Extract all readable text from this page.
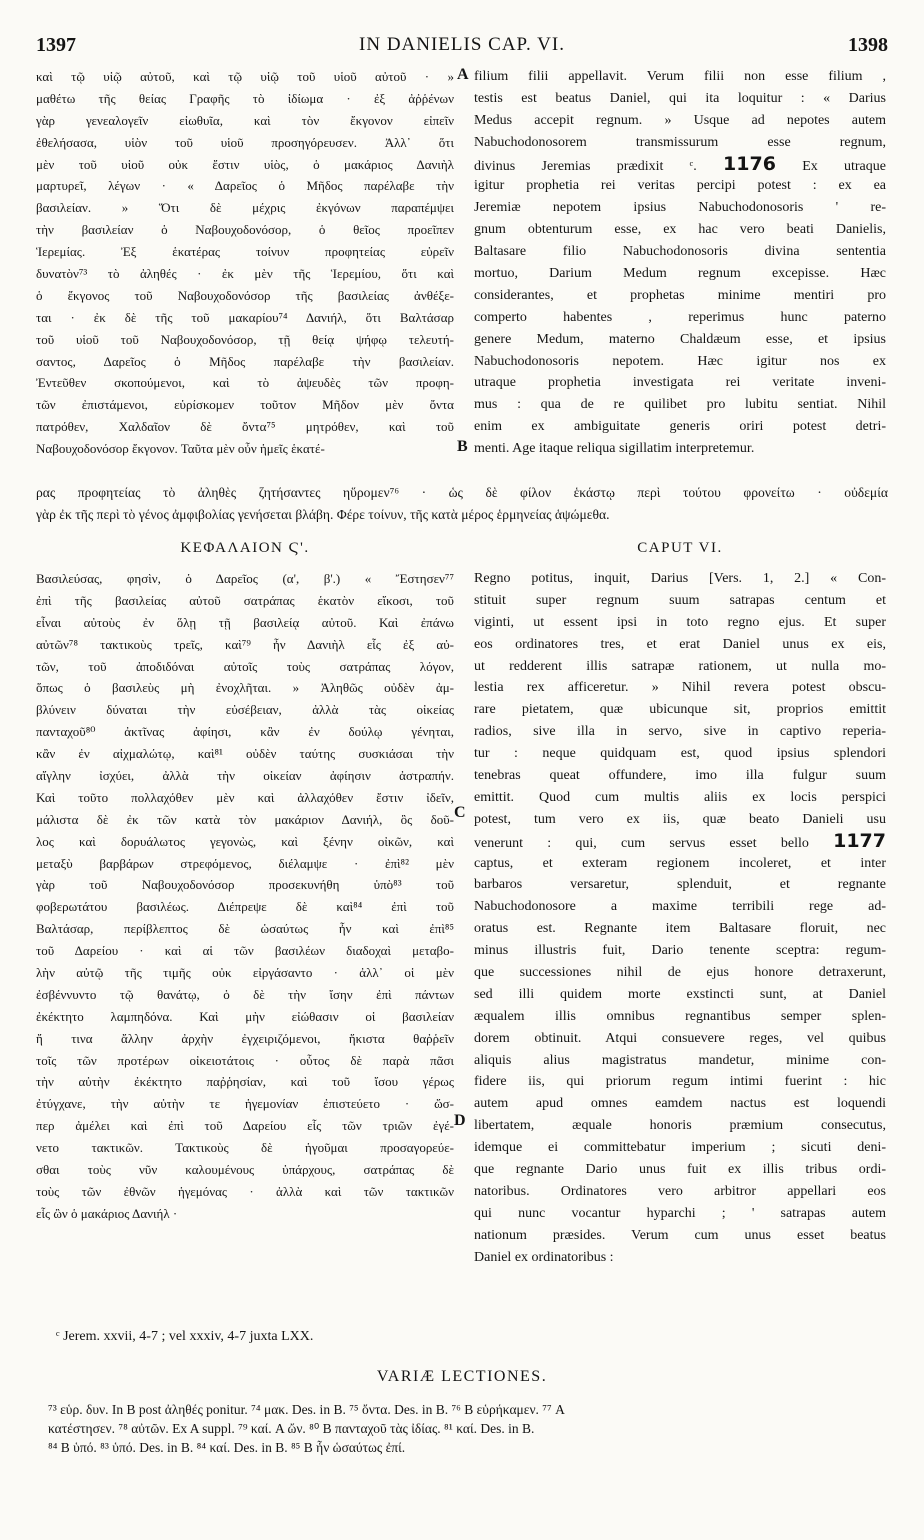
1397	IN DANIELIS CAP. VI.	1398
καὶ τῷ υἱῷ αὐτοῦ, καὶ τῷ υἱῷ τοῦ υἱοῦ αὐτοῦ · »
μαθέτω τῆς θείας Γραφῆς τὸ ἰδίωμα · ἐξ ἀῤῥένων
γὰρ γενεαλογεῖν εἰωθυῖα, καὶ τὸν ἔκγονον εἰπεῖν
ἐθελήσασα, υἱὸν τοῦ υἱοῦ προσηγόρευσεν. Ἀλλ᾽ ὅτι
μὲν τοῦ υἱοῦ οὐκ ἔστιν υἱὸς, ὁ μακάριος Δανιὴλ
μαρτυρεῖ, λέγων · « Δαρεῖος ὁ Μῆδος παρέλαβε τὴν
βασιλείαν. » Ὅτι δὲ μέχρις ἐκγόνων παραπέμψει
τὴν βασιλείαν ὁ Ναβουχοδονόσορ, ὁ θεῖος προεῖπεν
Ἱερεμίας. Ἐξ ἑκατέρας τοίνυν προφητείας εὑρεῖν
δυνατὸν⁷³ τὸ ἀληθές · ἐκ μὲν τῆς Ἱερεμίου, ὅτι καὶ
ὁ ἔκγονος τοῦ Ναβουχοδονόσορ τῆς βασιλείας ἀνθέξε-
ται · ἐκ δὲ τῆς τοῦ μακαρίου⁷⁴ Δανιήλ, ὅτι Βαλτάσαρ
τοῦ υἱοῦ τοῦ Ναβουχοδονόσορ, τῇ θείᾳ ψήφῳ τελευτή-
σαντος, Δαρεῖος ὁ Μῆδος παρέλαβε τὴν βασιλείαν.
Ἐντεῦθεν σκοπούμενοι, καὶ τὸ ἀψευδὲς τῶν προφη-
τῶν ἐπιστάμενοι, εὑρίσκομεν τοῦτον Μῆδον μὲν ὄντα
πατρόθεν, Χαλδαῖον δὲ ὄντα⁷⁵ μητρόθεν, καὶ τοῦ
Ναβουχοδονόσορ ἔκγονον. Ταῦτα μὲν οὖν ἡμεῖς ἑκατέ-
filium filii appellavit. Verum filii non esse filium ,
testis est beatus Daniel, qui ita loquitur : « Darius
Medus accepit regnum. » Usque ad nepotes autem
Nabuchodonosorem transmissurum esse regnum,
divinus Jeremias prædixit ᶜ. 1176 Ex utraque
igitur prophetia rei veritas percipi potest : ex ea
Jeremiæ nepotem ipsius Nabuchodonosoris ' re-
gnum obtenturum esse, ex hac vero beati Danielis,
Baltasare filio Nabuchodonosoris divina sententia
mortuo, Darium Medum regnum excepisse. Hæc
considerantes, et prophetas minime mentiri pro
comperto habentes , reperimus hunc paterno
genere Medum, materno Chaldæum esse, et ipsius
Nabuchodonosoris nepotem. Hæc igitur nos ex
utraque prophetia investigata rei veritate inveni-
mus : qua de re quilibet pro lubitu sentiat. Nihil
enim ex ambiguitate generis oriri potest detri-
menti. Age itaque reliqua sigillatim interpretemur.
A
B
C
D
ρας προφητείας τὸ ἀληθὲς ζητήσαντες ηὕρομεν⁷⁶ · ὡς δὲ φίλον ἑκάστῳ περὶ τούτου φρονείτω · οὐδεμία
γὰρ ἐκ τῆς περὶ τὸ γένος ἀμφιβολίας γενήσεται βλάβη. Φέρε τοίνυν, τῆς κατὰ μέρος ἑρμηνείας ἁψώμεθα.
ΚΕΦΑΛΑΙΟΝ Ϛ'.	CAPUT VI.
Βασιλεύσας, φησὶν, ὁ Δαρεῖος (α', β'.) « Ἔστησεν⁷⁷
ἐπὶ τῆς βασιλείας αὐτοῦ σατράπας ἑκατὸν εἴκοσι, τοῦ
εἶναι αὐτοὺς ἐν ὅλῃ τῇ βασιλείᾳ αὐτοῦ. Καὶ ἐπάνω
αὐτῶν⁷⁸ τακτικοὺς τρεῖς, καὶ⁷⁹ ἦν Δανιὴλ εἷς ἐξ αὐ-
τῶν, τοῦ ἀποδιδόναι αὐτοῖς τοὺς σατράπας λόγον,
ὅπως ὁ βασιλεὺς μὴ ἐνοχλῆται. » Ἀληθῶς οὐδὲν ἀμ-
βλύνειν δύναται τὴν εὐσέβειαν, ἀλλὰ τὰς οἰκείας
πανταχοῦ⁸⁰ ἀκτῖνας ἀφίησι, κἂν ἐν δούλῳ γένηται,
κἂν ἐν αἰχμαλώτῳ, καὶ⁸¹ οὐδὲν ταύτης συσκιάσαι τὴν
αἴγλην ἰσχύει, ἀλλὰ τὴν οἰκείαν ἀφίησιν ἀστραπήν.
Καὶ τοῦτο πολλαχόθεν μὲν καὶ ἀλλαχόθεν ἔστιν ἰδεῖν,
μάλιστα δὲ ἐκ τῶν κατὰ τὸν μακάριον Δανιήλ, ὃς δοῦ-
λος καὶ δορυάλωτος γεγονὼς, καὶ ξένην οἰκῶν, καὶ
μεταξὺ βαρβάρων στρεφόμενος, διέλαμψε · ἐπὶ⁸² μὲν
γὰρ τοῦ Ναβουχοδονόσορ προσεκυνήθη ὑπὸ⁸³ τοῦ
φοβερωτάτου βασιλέως. Διέπρεψε δὲ καὶ⁸⁴ ἐπὶ τοῦ
Βαλτάσαρ, περίβλεπτος δὲ ὡσαύτως ἦν καὶ ἐπὶ⁸⁵
τοῦ Δαρείου · καὶ αἱ τῶν βασιλέων διαδοχαὶ μεταβο-
λὴν αὐτῷ τῆς τιμῆς οὐκ εἰργάσαντο · ἀλλ᾽ οἱ μὲν
ἐσβέννυντο τῷ θανάτῳ, ὁ δὲ τὴν ἴσην ἐπὶ πάντων
ἐκέκτητο λαμπηδόνα. Καὶ μὴν εἰώθασιν οἱ βασιλείαν
ἤ τινα ἄλλην ἀρχὴν ἐγχειριζόμενοι, ἥκιστα θαῤῥεῖν
τοῖς τῶν προτέρων οἰκειοτάτοις · οὗτος δὲ παρὰ πᾶσι
τὴν αὐτὴν ἐκέκτητο παῤῥησίαν, καὶ τοῦ ἴσου γέρως
ἐτύγχανε, τὴν αὐτὴν τε ἡγεμονίαν ἐπιστεύετο · ὥσ-
περ ἀμέλει καὶ ἐπὶ τοῦ Δαρείου εἷς τῶν τριῶν ἐγέ-
νετο τακτικῶν. Τακτικοὺς δὲ ἡγοῦμαι προσαγορεύε-
σθαι τοὺς νῦν καλουμένους ὑπάρχους, σατράπας δὲ
τοὺς τῶν ἐθνῶν ἡγεμόνας · ἀλλὰ καὶ τῶν τακτικῶν
εἷς ὢν ὁ μακάριος Δανιήλ ·
Regno potitus, inquit, Darius [Vers. 1, 2.] « Con-
stituit super regnum suum satrapas centum et
viginti, ut essent ipsi in toto regno ejus. Et super
eos ordinatores tres, et erat Daniel unus ex eis,
ut redderent illis satrapæ rationem, ut nulla mo-
lestia rex afficeretur. » Nihil revera potest obscu-
rare pietatem, quæ ubicunque sit, proprios emittit
radios, sive illa in servo, sive in captivo reperia-
tur : neque quidquam est, quod ipsius splendori
tenebras queat offundere, imo illa fulgur suum
emittit. Quod cum multis aliis ex locis perspici
potest, tum vero ex iis, quæ beato Danieli usu
venerunt : qui, cum servus esset bello 1177
captus, et exteram regionem incoleret, et inter
barbaros versaretur, splenduit, et regnante
Nabuchodonosore a maxime terribili rege ad-
oratus est. Regnante item Baltasare floruit, nec
minus illustris fuit, Dario tenente sceptra: regum-
que successiones nihil de ejus honore detraxerunt,
sed illi quidem morte exstincti sunt, at Daniel
æqualem illis omnibus regnantibus semper splen-
dorem obtinuit. Atqui consuevere reges, vel quibus
aliquis alius magistratus mandetur, minime con-
fidere iis, qui priorum regum intimi fuerint : hic
autem apud omnes eamdem nactus est loquendi
libertatem, æquale honoris præmium consecutus,
idemque ei committebatur imperium ; sicuti deni-
que regnante Dario unus fuit ex illis tribus ordi-
natoribus. Ordinatores vero arbitror appellari eos
qui nunc vocantur hyparchi ; ' satrapas autem
nationum præsides. Verum cum unus esset beatus
Daniel ex ordinatoribus :
ᶜ Jerem. xxvii, 4-7 ; vel xxxiv, 4-7 juxta LXX.
VARIÆ LECTIONES.
⁷³ εὑρ. δυν. In B post ἀληθές ponitur. ⁷⁴ μακ. Des. in B. ⁷⁵ ὄντα. Des. in B. ⁷⁶ B εὑρήκαμεν. ⁷⁷ A
κατέστησεν. ⁷⁸ αὐτῶν. Ex A suppl. ⁷⁹ καί. A ὤν. ⁸⁰ B πανταχοῦ τὰς ἰδίας. ⁸¹ καί. Des. in B.
⁸⁴ B ὑπό. ⁸³ ὑπό. Des. in B. ⁸⁴ καί. Des. in B. ⁸⁵ B ἦν ὡσαύτως ἐπί.
